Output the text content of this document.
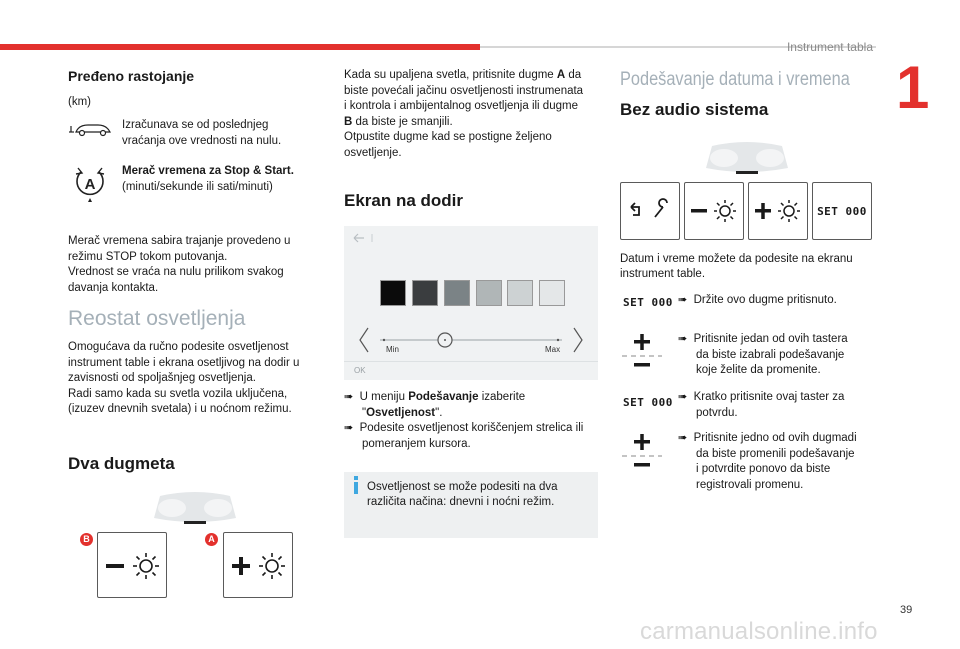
Instrument tabla
1
Pređeno rastojanje

(km)

Izračunava se od poslednjeg

vraćanja ove vrednosti na nulu.

A

Merač vremena za Stop & Start.

(minuti/sekunde ili sati/minuti)

Merač vremena sabira trajanje provedeno u

režimu STOP tokom putovanja.

Vrednost se vraća na nulu prilikom svakog

davanja kontakta.

Reostat osvetljenja

Omogućava da ručno podesite osvetljenost

instrument table i ekrana osetljivog na dodir u

zavisnosti od spoljašnjeg osvetljenja.

Radi samo kada su svetla vozila uključena,

(izuzev dnevnih svetala) i u noćnom režimu.

Dva dugmeta
B	A

Kada su upaljena svetla, pritisnite dugme A da

biste povećali jačinu osvetljenosti instrumenata

i kontrola i ambijentalnog osvetljenja ili dugme

B da biste je smanjili.

Otpustite dugme kad se postigne željeno

osvetljenje.

Ekran na dodir
Min	Max
OK

➠ U meniju Podešavanje izaberite

"Osvetljenost".

➠ Podesite osvetljenost koriščenjem strelica ili

pomeranjem kursora.

Osvetljenost se može podesiti na dva

različita načina: dnevni i noćni režim.

Podešavanje datuma i vremena
Bez audio sistema
SET 000

Datum i vreme možete da podesite na ekranu

instrument table.

SET 000 ➠ Držite ovo dugme pritisnuto.

➠ Pritisnite jedan od ovih tastera

da biste izabrali podešavanje

koje želite da promenite.

SET 000 ➠ Kratko pritisnite ovaj taster za

potvrdu.

➠ Pritisnite jedno od ovih dugmadi

da biste promenili podešavanje

i potvrdite ponovo da biste

registrovali promenu.

39
carmanualsonline.info
